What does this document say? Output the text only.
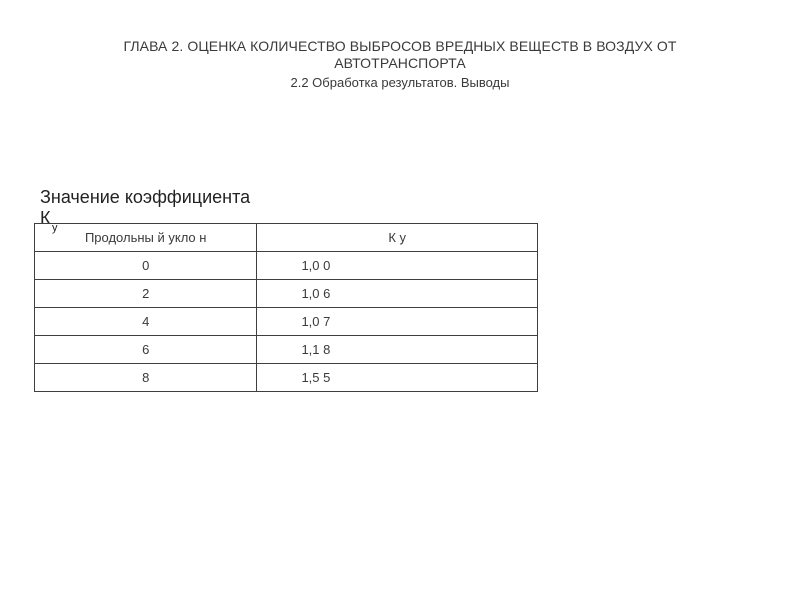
ГЛАВА 2. ОЦЕНКА КОЛИЧЕСТВО ВЫБРОСОВ ВРЕДНЫХ ВЕЩЕСТВ В ВОЗДУХ ОТ
АВТОТРАНСПОРТА
2.2 Обработка результатов. Выводы
Значение коэффициента
К у
Продольны й укло н	К у
0	1,0 0
2	1,0 6
4	1,0 7
6	1,1 8
8	1,5 5
